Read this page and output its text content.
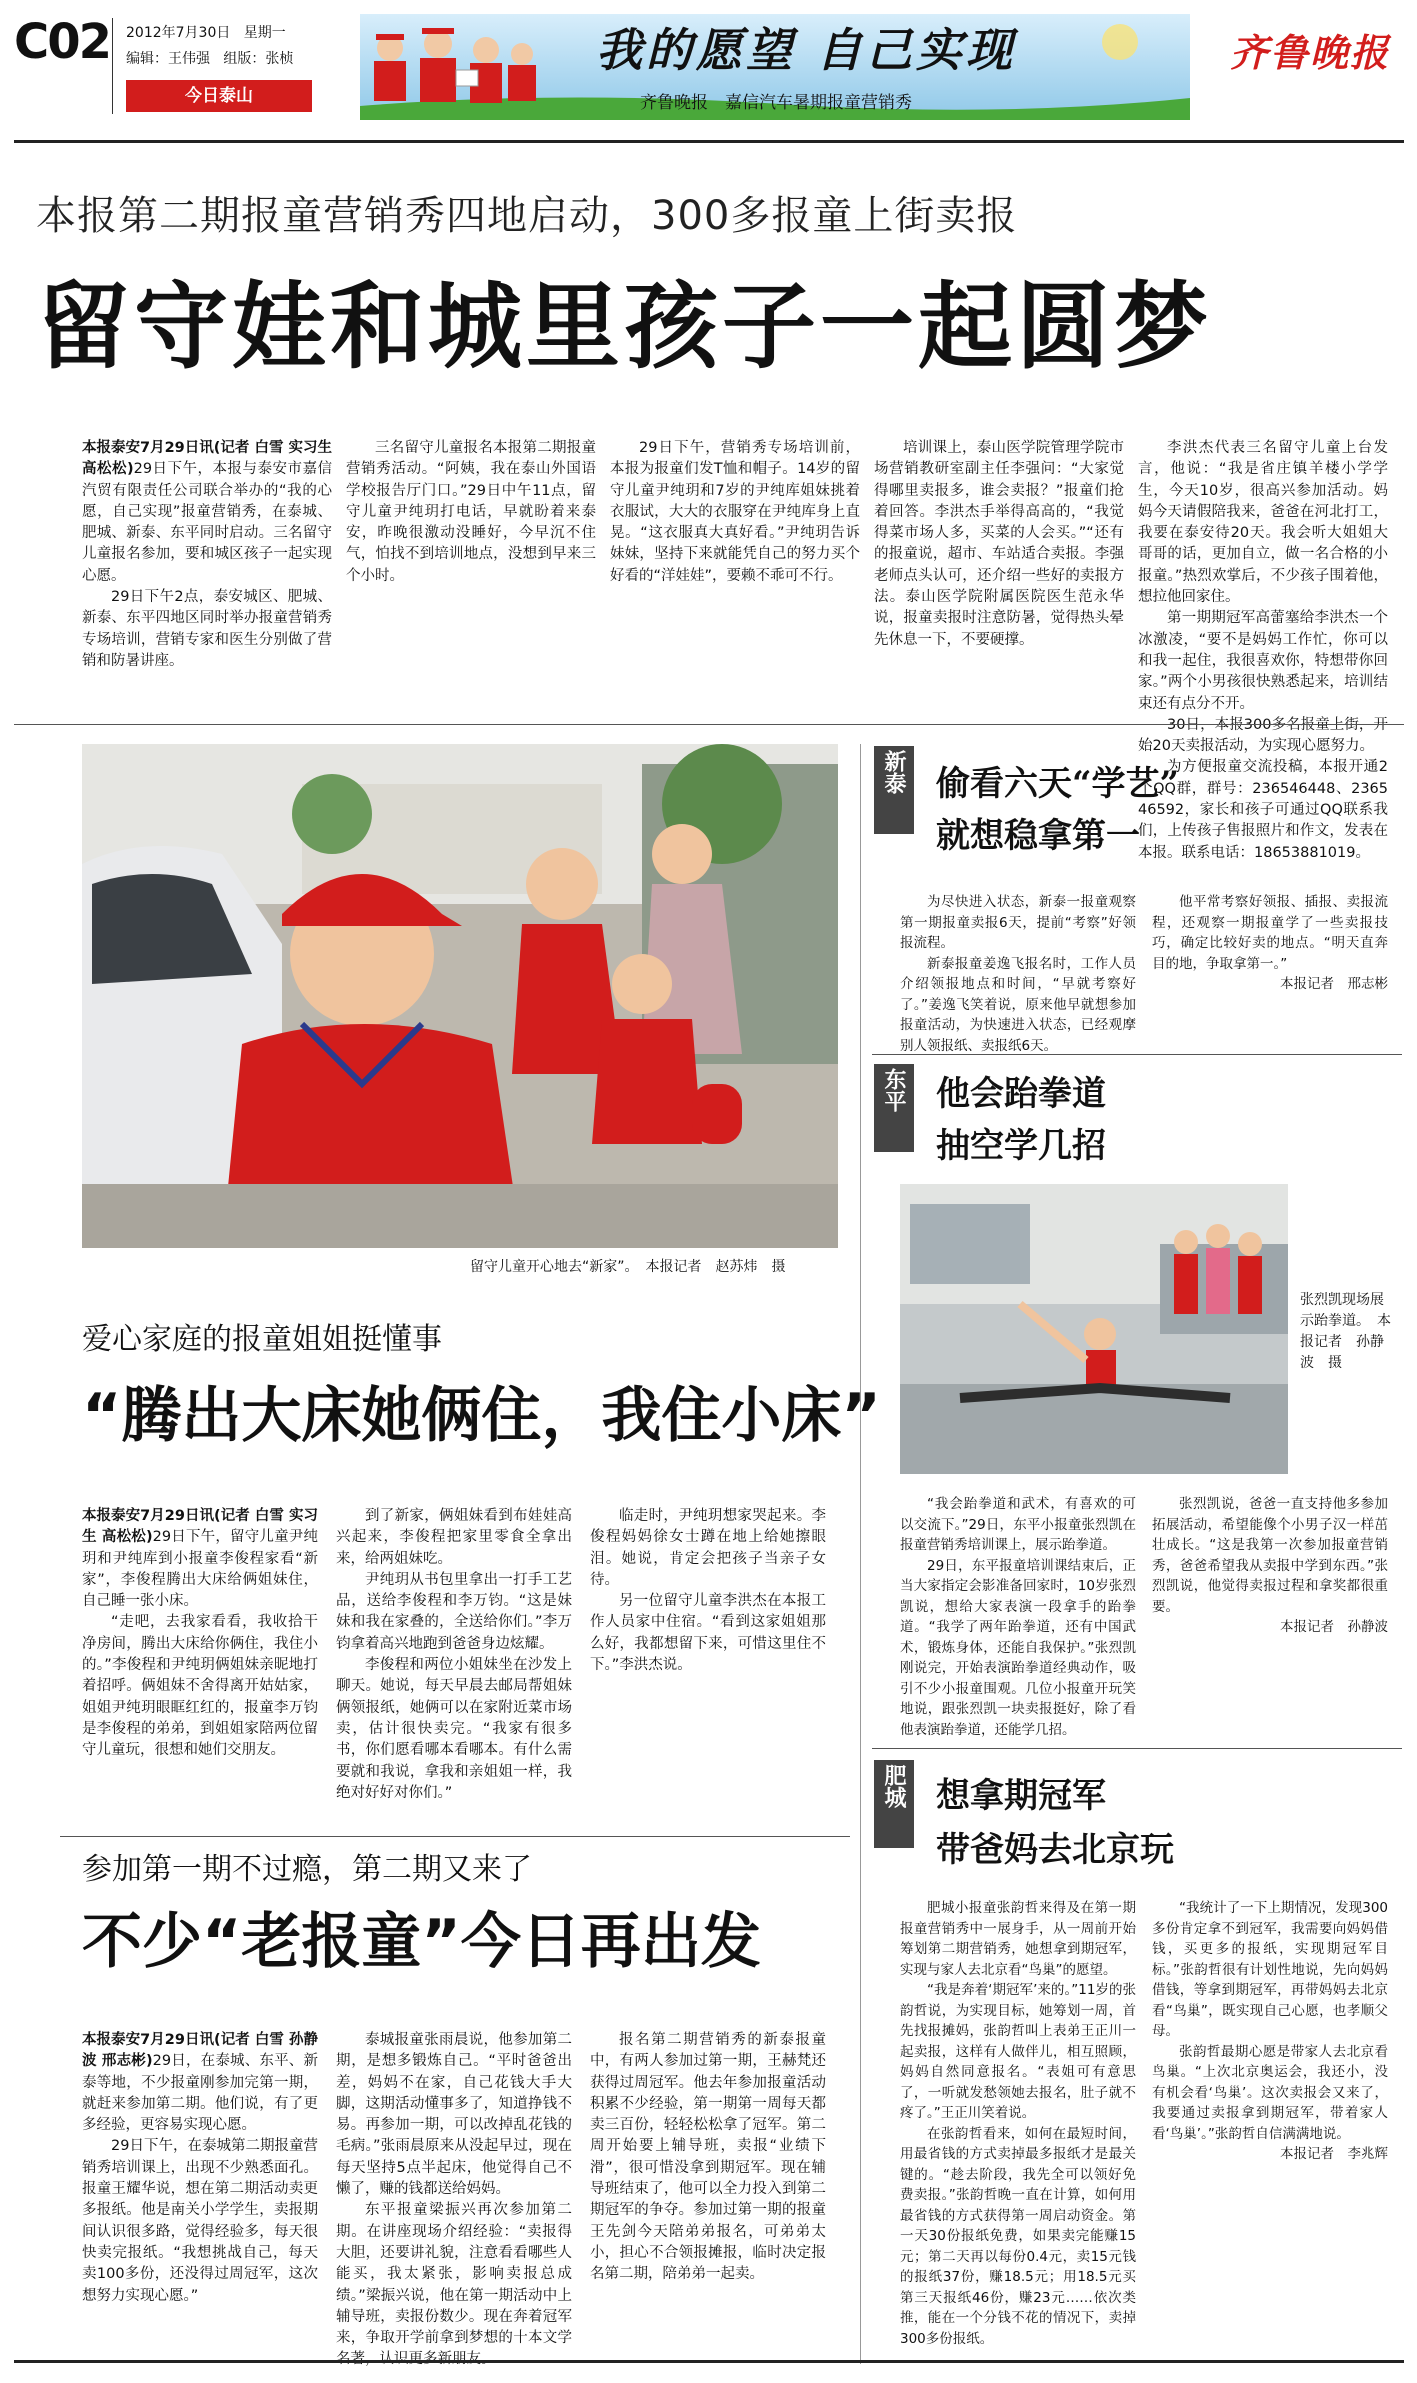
C02 2012年7月30日 星期一
编辑：王伟强 组版：张桢
今日泰山
我的愿望 自己实现
齐鲁晚报　嘉信汽车暑期报童营销秀
齐鲁晚报
本报第二期报童营销秀四地启动，300多报童上街卖报
留守娃和城里孩子一起圆梦

本报泰安7月29日讯(记者 白雪 实习生 高松松)29日下午，本报与泰安市嘉信汽贸有限责任公司联合举办的“我的心愿，自己实现”报童营销秀，在泰城、肥城、新泰、东平同时启动。三名留守儿童报名参加，要和城区孩子一起实现心愿。

29日下午2点，泰安城区、肥城、新泰、东平四地区同时举办报童营销秀专场培训，营销专家和医生分别做了营销和防暑讲座。

三名留守儿童报名本报第二期报童营销秀活动。“阿姨，我在泰山外国语学校报告厅门口。”29日中午11点，留守儿童尹纯玥打电话，早就盼着来泰安，昨晚很激动没睡好，今早沉不住气，怕找不到培训地点，没想到早来三个小时。

29日下午，营销秀专场培训前，本报为报童们发T恤和帽子。14岁的留守儿童尹纯玥和7岁的尹纯库姐妹挑着衣服试，大大的衣服穿在尹纯库身上直晃。“这衣服真大真好看。”尹纯玥告诉妹妹，坚持下来就能凭自己的努力买个好看的“洋娃娃”，要赖不乖可不行。

培训课上，泰山医学院管理学院市场营销教研室副主任李强问：“大家觉得哪里卖报多，谁会卖报？”报童们抢着回答。李洪杰手举得高高的，“我觉得菜市场人多，买菜的人会买。”“还有的报童说，超市、车站适合卖报。李强老师点头认可，还介绍一些好的卖报方法。泰山医学院附属医院医生范永华说，报童卖报时注意防暑，觉得热头晕先休息一下，不要硬撑。

李洪杰代表三名留守儿童上台发言，他说：“我是省庄镇羊楼小学学生，今天10岁，很高兴参加活动。妈妈今天请假陪我来，爸爸在河北打工，我要在泰安待20天。我会听大姐姐大哥哥的话，更加自立，做一名合格的小报童。”热烈欢掌后，不少孩子围着他，想拉他回家住。

第一期期冠军高蕾塞给李洪杰一个冰激凌，“要不是妈妈工作忙，你可以和我一起住，我很喜欢你，特想带你回家。”两个小男孩很快熟悉起来，培训结束还有点分不开。

30日，本报300多名报童上街，开始20天卖报活动，为实现心愿努力。

为方便报童交流投稿，本报开通2个QQ群，群号：236546448、236546592，家长和孩子可通过QQ联系我们，上传孩子售报照片和作文，发表在本报。联系电话：18653881019。

留守儿童开心地去“新家”。　本报记者　赵苏炜　摄
爱心家庭的报童姐姐挺懂事
“腾出大床她俩住，我住小床”

本报泰安7月29日讯(记者 白雪 实习生 高松松)29日下午，留守儿童尹纯玥和尹纯库到小报童李俊程家看“新家”，李俊程腾出大床给俩姐妹住，自己睡一张小床。

“走吧，去我家看看，我收拾干净房间，腾出大床给你俩住，我住小的。”李俊程和尹纯玥俩姐妹亲昵地打着招呼。俩姐妹不舍得离开姑姑家，姐姐尹纯玥眼眶红红的，报童李万钧是李俊程的弟弟，到姐姐家陪两位留守儿童玩，很想和她们交朋友。

到了新家，俩姐妹看到布娃娃高兴起来，李俊程把家里零食全拿出来，给两姐妹吃。

尹纯玥从书包里拿出一打手工艺品，送给李俊程和李万钧。“这是妹妹和我在家叠的，全送给你们。”李万钧拿着高兴地跑到爸爸身边炫耀。

李俊程和两位小姐妹坐在沙发上聊天。她说，每天早晨去邮局帮姐妹俩领报纸，她俩可以在家附近菜市场卖，估计很快卖完。“我家有很多书，你们愿看哪本看哪本。有什么需要就和我说，拿我和亲姐姐一样，我绝对好好对你们。”

临走时，尹纯玥想家哭起来。李俊程妈妈徐女士蹲在地上给她擦眼泪。她说，肯定会把孩子当亲子女待。

另一位留守儿童李洪杰在本报工作人员家中住宿。“看到这家姐姐那么好，我都想留下来，可惜这里住不下。”李洪杰说。

参加第一期不过瘾，第二期又来了
不少“老报童”今日再出发

本报泰安7月29日讯(记者 白雪 孙静波 邢志彬)29日，在泰城、东平、新泰等地，不少报童刚参加完第一期，就赶来参加第二期。他们说，有了更多经验，更容易实现心愿。

29日下午，在泰城第二期报童营销秀培训课上，出现不少熟悉面孔。报童王耀华说，想在第二期活动卖更多报纸。他是南关小学学生，卖报期间认识很多路，觉得经验多，每天很快卖完报纸。“我想挑战自己，每天卖100多份，还没得过周冠军，这次想努力实现心愿。”

泰城报童张雨晨说，他参加第二期，是想多锻炼自己。“平时爸爸出差，妈妈不在家，自己花钱大手大脚，这期活动懂事多了，知道挣钱不易。再参加一期，可以改掉乱花钱的毛病。”张雨晨原来从没起早过，现在每天坚持5点半起床，他觉得自己不懒了，赚的钱都送给妈妈。

东平报童梁振兴再次参加第二期。在讲座现场介绍经验：“卖报得大胆，还要讲礼貌，注意看看哪些人能买，我太紧张，影响卖报总成绩。”梁振兴说，他在第一期活动中上辅导班，卖报份数少。现在奔着冠军来，争取开学前拿到梦想的十本文学名著，认识更多新朋友。

报名第二期营销秀的新泰报童中，有两人参加过第一期，王赫梵还获得过周冠军。他去年参加报童活动积累不少经验，第一期第一周每天都卖三百份，轻轻松松拿了冠军。第二周开始要上辅导班，卖报“业绩下滑”，很可惜没拿到期冠军。现在辅导班结束了，他可以全力投入到第二期冠军的争夺。参加过第一期的报童王先剑今天陪弟弟报名，可弟弟太小，担心不合领报摊报，临时决定报名第二期，陪弟弟一起卖。

新泰 偷看六天“学艺”
就想稳拿第一

为尽快进入状态，新泰一报童观察第一期报童卖报6天，提前“考察”好领报流程。

新泰报童姜逸飞报名时，工作人员介绍领报地点和时间，“早就考察好了。”姜逸飞笑着说，原来他早就想参加报童活动，为快速进入状态，已经观摩别人领报纸、卖报纸6天。

他平常考察好领报、插报、卖报流程，还观察一期报童学了一些卖报技巧，确定比较好卖的地点。“明天直奔目的地，争取拿第一。”

本报记者　邢志彬

东平 他会跆拳道
抽空学几招
张烈凯现场展示跆拳道。　本报记者　孙静波　摄

“我会跆拳道和武术，有喜欢的可以交流下。”29日，东平小报童张烈凯在报童营销秀培训课上，展示跆拳道。

29日，东平报童培训课结束后，正当大家指定会影准备回家时，10岁张烈凯说，想给大家表演一段拿手的跆拳道。“我学了两年跆拳道，还有中国武术，锻炼身体，还能自我保护。”张烈凯刚说完，开始表演跆拳道经典动作，吸引不少小报童围观。几位小报童开玩笑地说，跟张烈凯一块卖报挺好，除了看他表演跆拳道，还能学几招。

张烈凯说，爸爸一直支持他多参加拓展活动，希望能像个小男子汉一样茁壮成长。“这是我第一次参加报童营销秀，爸爸希望我从卖报中学到东西。”张烈凯说，他觉得卖报过程和拿奖都很重要。

本报记者　孙静波

肥城 想拿期冠军
带爸妈去北京玩

肥城小报童张韵哲来得及在第一期报童营销秀中一展身手，从一周前开始筹划第二期营销秀，她想拿到期冠军，实现与家人去北京看“鸟巢”的愿望。

“我是奔着‘期冠军’来的。”11岁的张韵哲说，为实现目标，她筹划一周，首先找报摊妈，张韵哲叫上表弟王正川一起卖报，这样有人做伴儿，相互照顾，妈妈自然同意报名。“表姐可有意思了，一听就发愁领她去报名，肚子就不疼了。”王正川笑着说。

在张韵哲看来，如何在最短时间，用最省钱的方式卖掉最多报纸才是最关键的。“趁去阶段，我先全可以领好免费卖报。”张韵哲晚一直在计算，如何用最省钱的方式获得第一周启动资金。第一天30份报纸免费，如果卖完能赚15元；第二天再以每份0.4元，卖15元钱的报纸37份，赚18.5元；用18.5元买第三天报纸46份，赚23元……依次类推，能在一个分钱不花的情况下，卖掉300多份报纸。

“我统计了一下上期情况，发现300多份肯定拿不到冠军，我需要向妈妈借钱，买更多的报纸，实现期冠军目标。”张韵哲很有计划性地说，先向妈妈借钱，等拿到期冠军，再带妈妈去北京看“鸟巢”，既实现自己心愿，也孝顺父母。

张韵哲最期心愿是带家人去北京看鸟巢。“上次北京奥运会，我还小，没有机会看‘鸟巢’。这次卖报会又来了，我要通过卖报拿到期冠军，带着家人看‘鸟巢’。”张韵哲自信满满地说。

本报记者　李兆辉
